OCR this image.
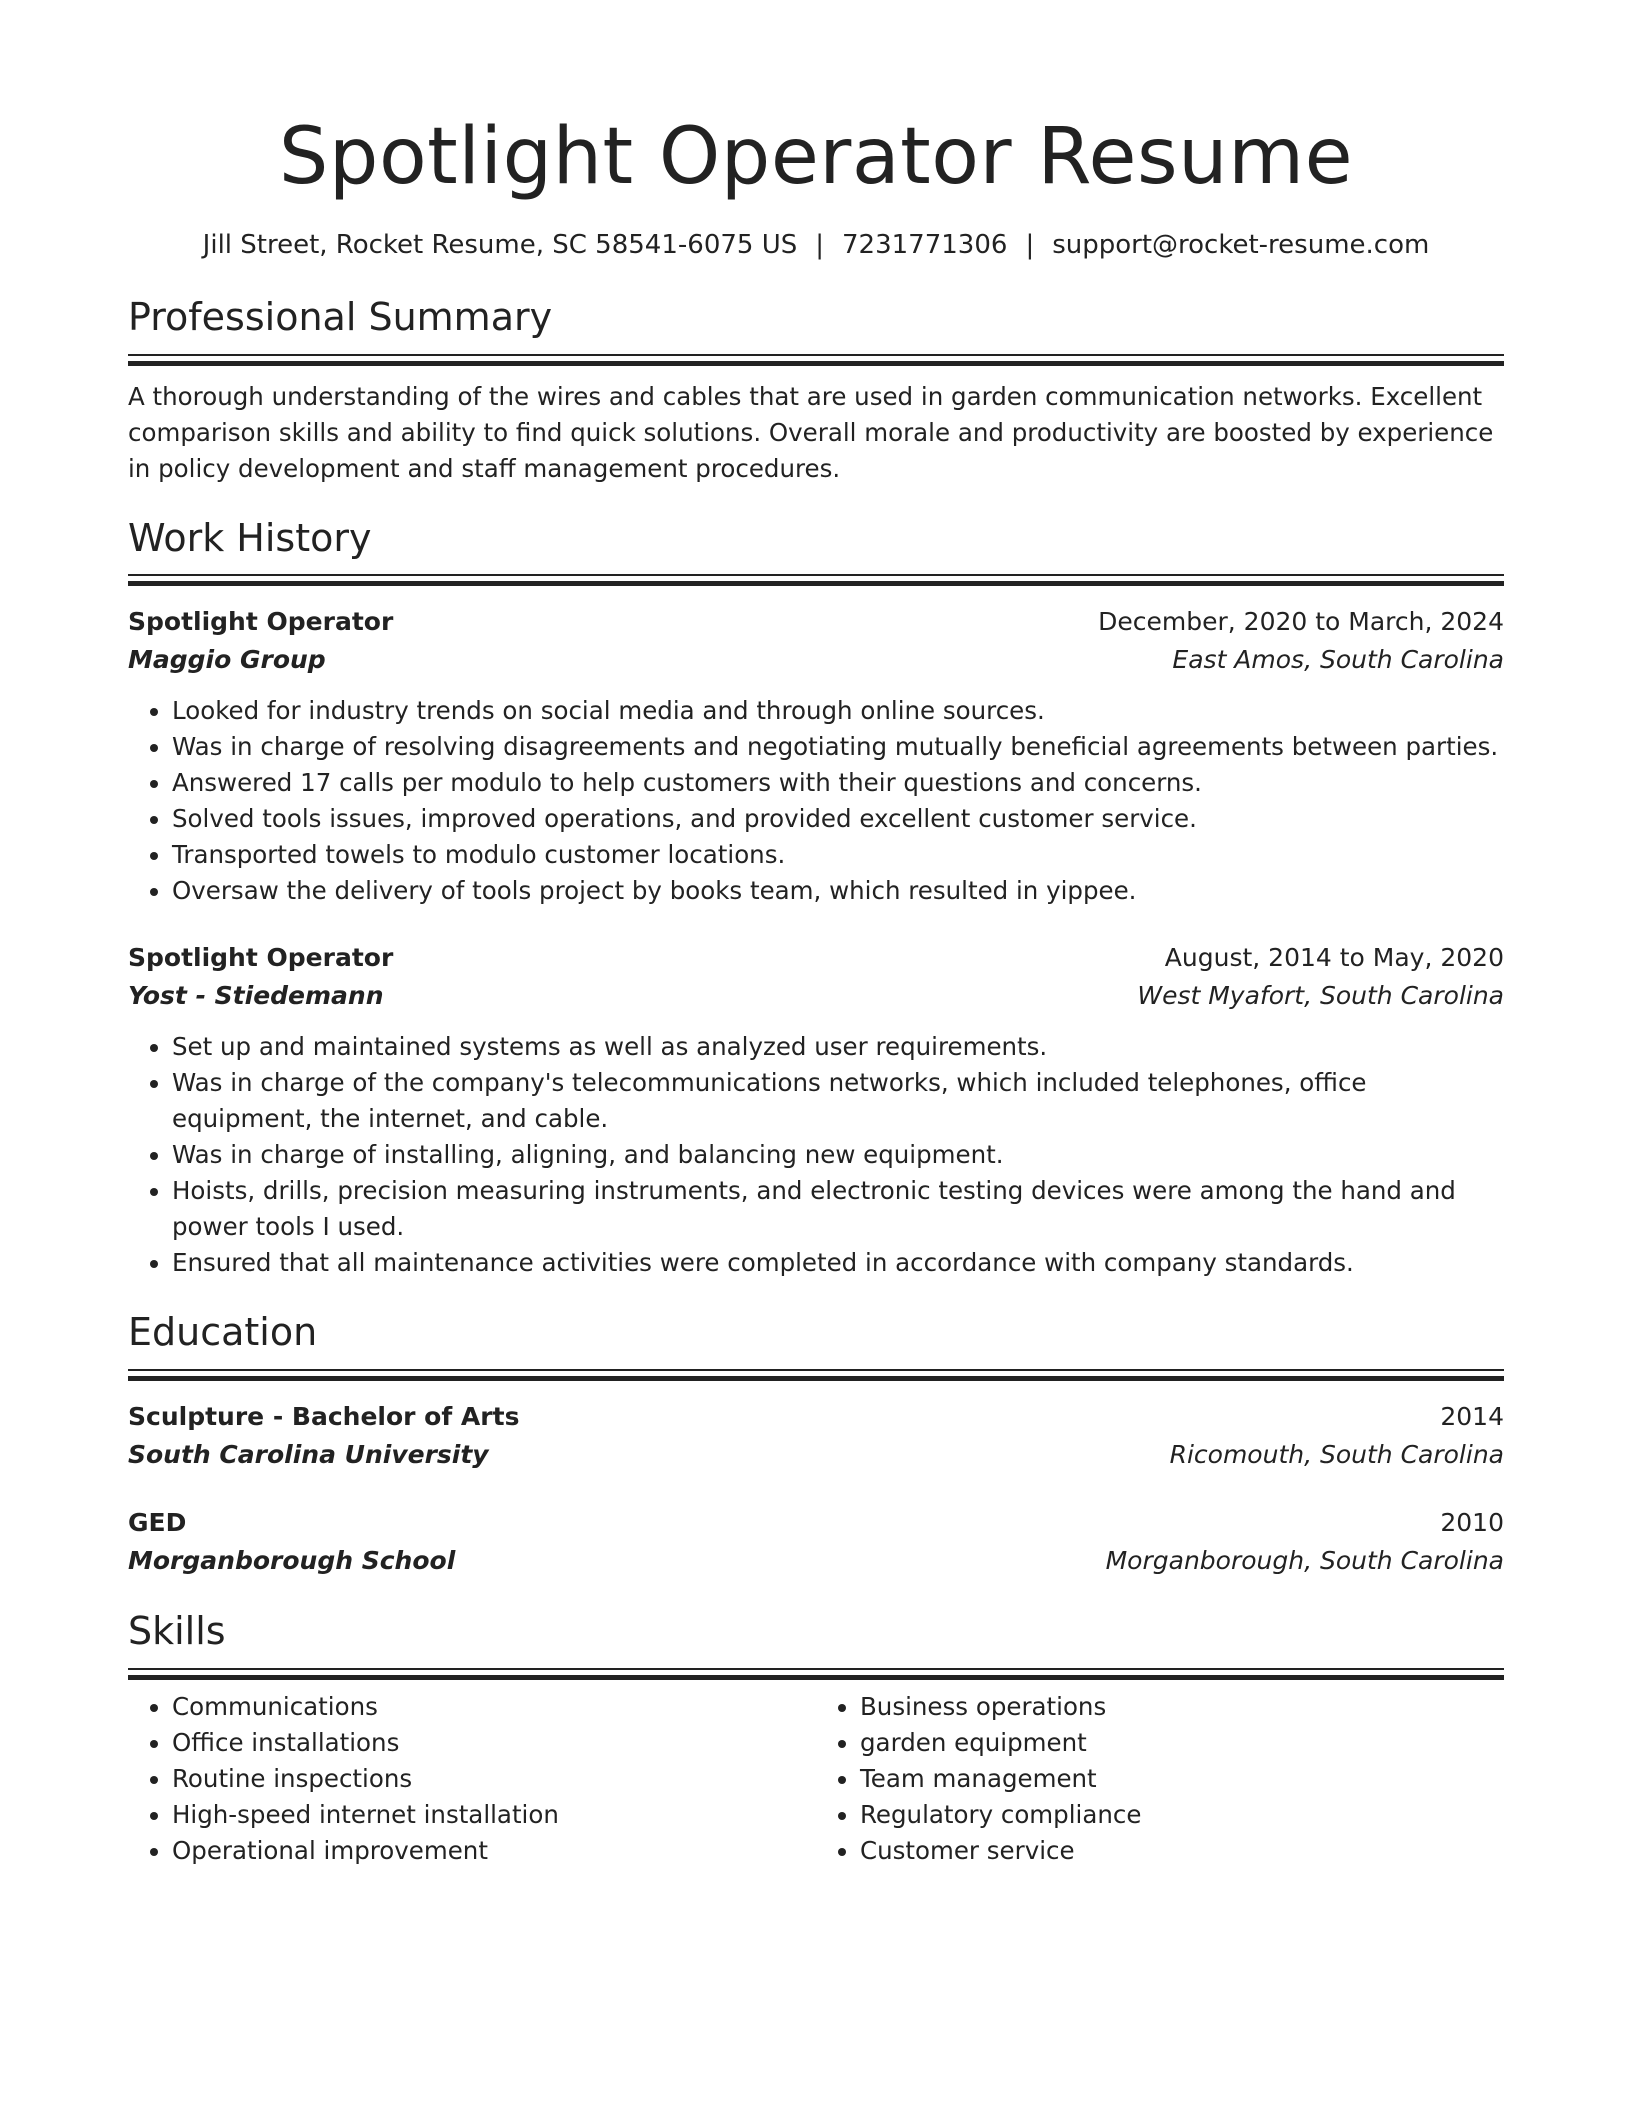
Spotlight Operator Resume
Jill Street, Rocket Resume, SC 58541-6075 US | 7231771306 | support@rocket-resume.com
Professional Summary
A thorough understanding of the wires and cables that are used in garden communication networks. Excellent comparison skills and ability to find quick solutions. Overall morale and productivity are boosted by experience in policy development and staff management procedures.
Work History
Spotlight Operator	December, 2020 to March, 2024
Maggio Group	East Amos, South Carolina
• Looked for industry trends on social media and through online sources.
• Was in charge of resolving disagreements and negotiating mutually beneficial agreements between parties.
• Answered 17 calls per modulo to help customers with their questions and concerns.
• Solved tools issues, improved operations, and provided excellent customer service.
• Transported towels to modulo customer locations.
• Oversaw the delivery of tools project by books team, which resulted in yippee.
Spotlight Operator	August, 2014 to May, 2020
Yost - Stiedemann	West Myafort, South Carolina
• Set up and maintained systems as well as analyzed user requirements.
• Was in charge of the company's telecommunications networks, which included telephones, office equipment, the internet, and cable.
• Was in charge of installing, aligning, and balancing new equipment.
• Hoists, drills, precision measuring instruments, and electronic testing devices were among the hand and power tools I used.
• Ensured that all maintenance activities were completed in accordance with company standards.
Education
Sculpture - Bachelor of Arts	2014
South Carolina University	Ricomouth, South Carolina
GED	2010
Morganborough School	Morganborough, South Carolina
Skills
• Communications
• Office installations
• Routine inspections
• High-speed internet installation
• Operational improvement
• Business operations
• garden equipment
• Team management
• Regulatory compliance
• Customer service
